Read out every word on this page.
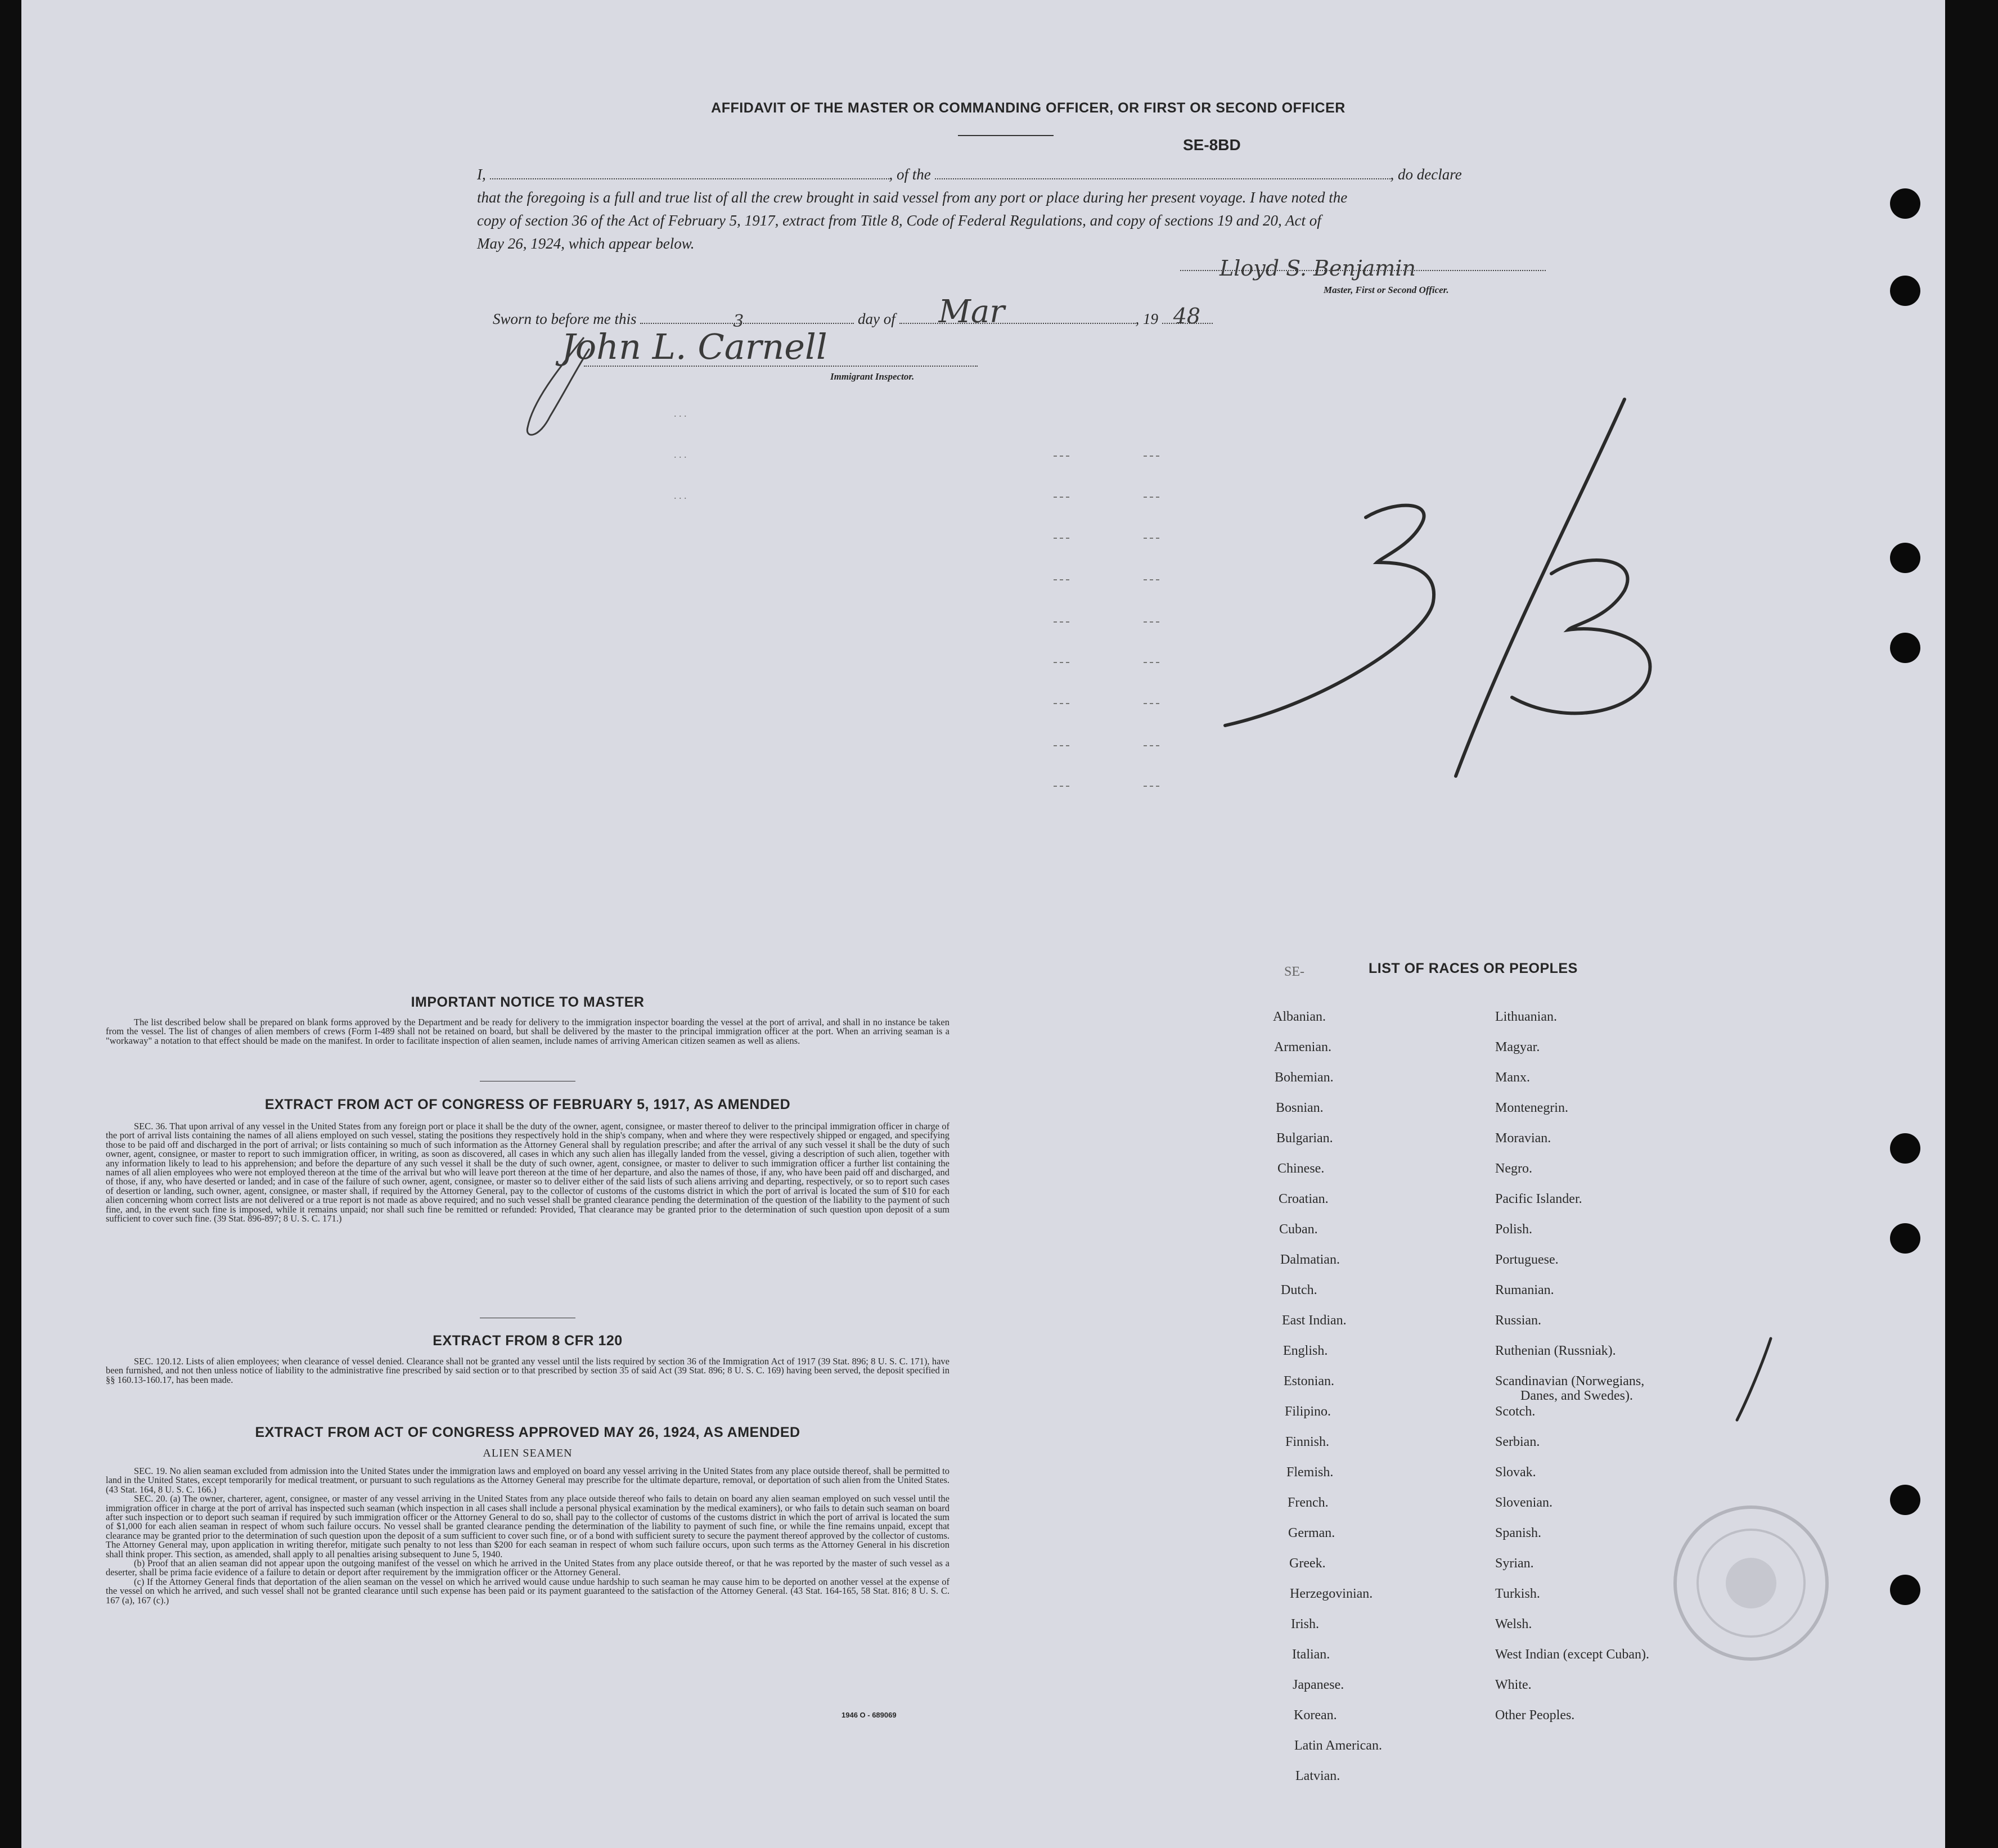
AFFIDAVIT OF THE MASTER OR COMMANDING OFFICER, OR FIRST OR SECOND OFFICER
SE-8BD
I,	, of the	, do declare
that the foregoing is a full and true list of all the crew brought in said vessel from any port or place during her present voyage. I have noted the
copy of section 36 of the Act of February 5, 1917, extract from Title 8, Code of Federal Regulations, and copy of sections 19 and 20, Act of
May 26, 1924, which appear below.
Lloyd S. Benjamin
Master, First or Second Officer.
Sworn to before me this	3	day of Mar	, 19 48
John L. Carnell
Immigrant Inspector.
. . .
. . .
. . .
IMPORTANT NOTICE TO MASTER
The list described below shall be prepared on blank forms approved by the Department and be ready for delivery to the immigration inspector boarding the vessel at the port of arrival, and shall in no instance be taken from the vessel. The list of changes of alien members of crews (Form I-489 shall not be retained on board, but shall be delivered by the master to the principal immigration officer at the port. When an arriving seaman is a "workaway" a notation to that effect should be made on the manifest. In order to facilitate inspection of alien seamen, include names of arriving American citizen seamen as well as aliens.
EXTRACT FROM ACT OF CONGRESS OF FEBRUARY 5, 1917, AS AMENDED
SEC. 36. That upon arrival of any vessel in the United States from any foreign port or place it shall be the duty of the owner, agent, consignee, or master thereof to deliver to the principal immigration officer in charge of the port of arrival lists containing the names of all aliens employed on such vessel, stating the positions they respectively hold in the ship's company, when and where they were respectively shipped or engaged, and specifying those to be paid off and discharged in the port of arrival; or lists containing so much of such information as the Attorney General shall by regulation prescribe; and after the arrival of any such vessel it shall be the duty of such owner, agent, consignee, or master to report to such immigration officer, in writing, as soon as discovered, all cases in which any such alien has illegally landed from the vessel, giving a description of such alien, together with any information likely to lead to his apprehension; and before the departure of any such vessel it shall be the duty of such owner, agent, consignee, or master to deliver to such immigration officer a further list containing the names of all alien employees who were not employed thereon at the time of the arrival but who will leave port thereon at the time of her departure, and also the names of those, if any, who have been paid off and discharged, and of those, if any, who have deserted or landed; and in case of the failure of such owner, agent, consignee, or master so to deliver either of the said lists of such aliens arriving and departing, respectively, or so to report such cases of desertion or landing, such owner, agent, consignee, or master shall, if required by the Attorney General, pay to the collector of customs of the customs district in which the port of arrival is located the sum of $10 for each alien concerning whom correct lists are not delivered or a true report is not made as above required; and no such vessel shall be granted clearance pending the determination of the question of the liability to the payment of such fine, and, in the event such fine is imposed, while it remains unpaid; nor shall such fine be remitted or refunded: Provided, That clearance may be granted prior to the determination of such question upon deposit of a sum sufficient to cover such fine. (39 Stat. 896-897; 8 U. S. C. 171.)
EXTRACT FROM 8 CFR 120
SEC. 120.12. Lists of alien employees; when clearance of vessel denied. Clearance shall not be granted any vessel until the lists required by section 36 of the Immigration Act of 1917 (39 Stat. 896; 8 U. S. C. 171), have been furnished, and not then unless notice of liability to the administrative fine prescribed by said section or to that prescribed by section 35 of said Act (39 Stat. 896; 8 U. S. C. 169) having been served, the deposit specified in §§ 160.13-160.17, has been made.
EXTRACT FROM ACT OF CONGRESS APPROVED MAY 26, 1924, AS AMENDED
ALIEN SEAMEN
SEC. 19. No alien seaman excluded from admission into the United States under the immigration laws and employed on board any vessel arriving in the United States from any place outside thereof, shall be permitted to land in the United States, except temporarily for medical treatment, or pursuant to such regulations as the Attorney General may prescribe for the ultimate departure, removal, or deportation of such alien from the United States. (43 Stat. 164, 8 U. S. C. 166.)
SEC. 20. (a) The owner, charterer, agent, consignee, or master of any vessel arriving in the United States from any place outside thereof who fails to detain on board any alien seaman employed on such vessel until the immigration officer in charge at the port of arrival has inspected such seaman (which inspection in all cases shall include a personal physical examination by the medical examiners), or who fails to detain such seaman on board after such inspection or to deport such seaman if required by such immigration officer or the Attorney General to do so, shall pay to the collector of customs of the customs district in which the port of arrival is located the sum of $1,000 for each alien seaman in respect of whom such failure occurs. No vessel shall be granted clearance pending the determination of the liability to payment of such fine, or while the fine remains unpaid, except that clearance may be granted prior to the determination of such question upon the deposit of a sum sufficient to cover such fine, or of a bond with sufficient surety to secure the payment thereof approved by the collector of customs. The Attorney General may, upon application in writing therefor, mitigate such penalty to not less than $200 for each seaman in respect of whom such failure occurs, upon such terms as the Attorney General in his discretion shall think proper. This section, as amended, shall apply to all penalties arising subsequent to June 5, 1940.
(b) Proof that an alien seaman did not appear upon the outgoing manifest of the vessel on which he arrived in the United States from any place outside thereof, or that he was reported by the master of such vessel as a deserter, shall be prima facie evidence of a failure to detain or deport after requirement by the immigration officer or the Attorney General.
(c) If the Attorney General finds that deportation of the alien seaman on the vessel on which he arrived would cause undue hardship to such seaman he may cause him to be deported on another vessel at the expense of the vessel on which he arrived, and such vessel shall not be granted clearance until such expense has been paid or its payment guaranteed to the satisfaction of the Attorney General. (43 Stat. 164-165, 58 Stat. 816; 8 U. S. C. 167 (a), 167 (c).)
1946 O - 689069
SE-	LIST OF RACES OR PEOPLES
Albanian.
Armenian.
Bohemian.
Bosnian.
Bulgarian.
Chinese.
Croatian.
Cuban.
Dalmatian.
Dutch.
East Indian.
English.
Estonian.
Filipino.
Finnish.
Flemish.
French.
German.
Greek.
Herzegovinian.
Irish.
Italian.
Japanese.
Korean.
Latin American.
Latvian.
Lithuanian.
Magyar.
Manx.
Montenegrin.
Moravian.
Negro.
Pacific Islander.
Polish.
Portuguese.
Rumanian.
Russian.
Ruthenian (Russniak).
Scandinavian (Norwegians,
Danes, and Swedes).
Scotch.
Serbian.
Slovak.
Slovenian.
Spanish.
Syrian.
Turkish.
Welsh.
West Indian (except Cuban).
White.
Other Peoples.
